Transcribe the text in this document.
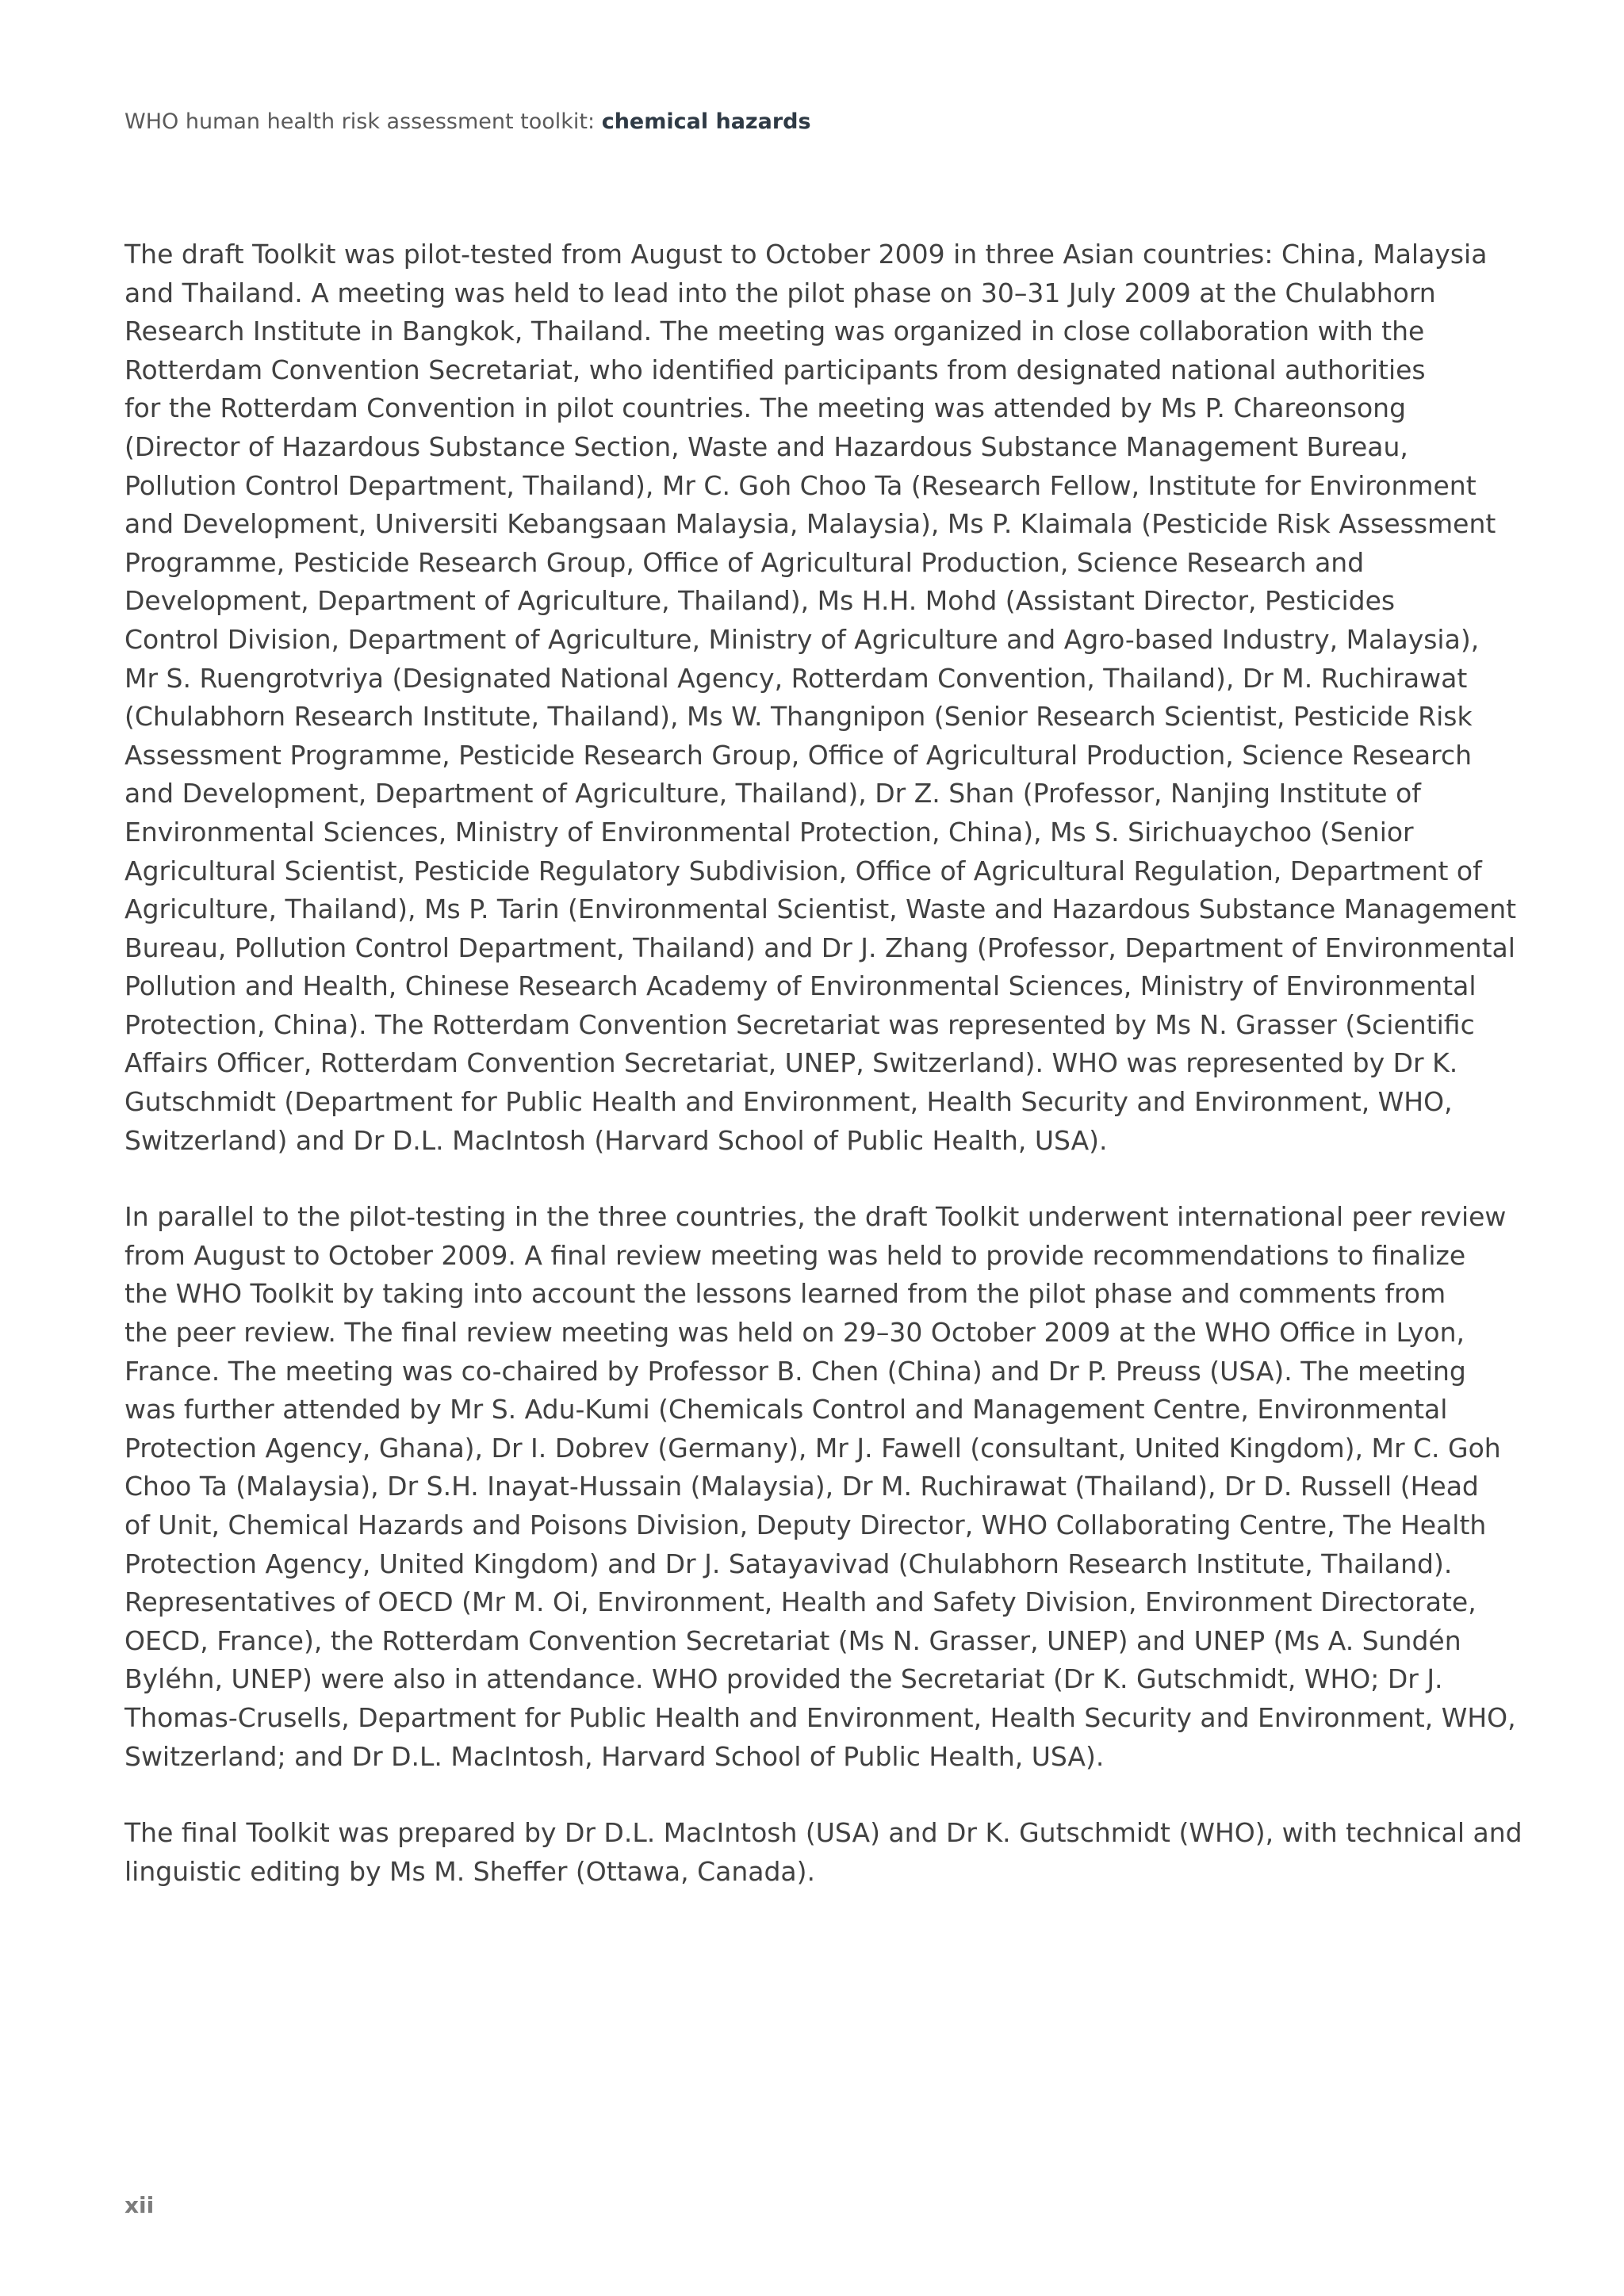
WHO human health risk assessment toolkit: chemical hazards

The draft Toolkit was pilot-tested from August to October 2009 in three Asian countries: China, Malaysia
and Thailand. A meeting was held to lead into the pilot phase on 30–31 July 2009 at the Chulabhorn
Research Institute in Bangkok, Thailand. The meeting was organized in close collaboration with the
Rotterdam Convention Secretariat, who identified participants from designated national authorities
for the Rotterdam Convention in pilot countries. The meeting was attended by Ms P. Chareonsong
(Director of Hazardous Substance Section, Waste and Hazardous Substance Management Bureau,
Pollution Control Department, Thailand), Mr C. Goh Choo Ta (Research Fellow, Institute for Environment
and Development, Universiti Kebangsaan Malaysia, Malaysia), Ms P. Klaimala (Pesticide Risk Assessment
Programme, Pesticide Research Group, Office of Agricultural Production, Science Research and
Development, Department of Agriculture, Thailand), Ms H.H. Mohd (Assistant Director, Pesticides
Control Division, Department of Agriculture, Ministry of Agriculture and Agro-based Industry, Malaysia),
Mr S. Ruengrotvriya (Designated National Agency, Rotterdam Convention, Thailand), Dr M. Ruchirawat
(Chulabhorn Research Institute, Thailand), Ms W. Thangnipon (Senior Research Scientist, Pesticide Risk
Assessment Programme, Pesticide Research Group, Office of Agricultural Production, Science Research
and Development, Department of Agriculture, Thailand), Dr Z. Shan (Professor, Nanjing Institute of
Environmental Sciences, Ministry of Environmental Protection, China), Ms S. Sirichuaychoo (Senior
Agricultural Scientist, Pesticide Regulatory Subdivision, Office of Agricultural Regulation, Department of
Agriculture, Thailand), Ms P. Tarin (Environmental Scientist, Waste and Hazardous Substance Management
Bureau, Pollution Control Department, Thailand) and Dr J. Zhang (Professor, Department of Environmental
Pollution and Health, Chinese Research Academy of Environmental Sciences, Ministry of Environmental
Protection, China). The Rotterdam Convention Secretariat was represented by Ms N. Grasser (Scientific
Affairs Officer, Rotterdam Convention Secretariat, UNEP, Switzerland). WHO was represented by Dr K.
Gutschmidt (Department for Public Health and Environment, Health Security and Environment, WHO,
Switzerland) and Dr D.L. MacIntosh (Harvard School of Public Health, USA).

In parallel to the pilot-testing in the three countries, the draft Toolkit underwent international peer review
from August to October 2009. A final review meeting was held to provide recommendations to finalize
the WHO Toolkit by taking into account the lessons learned from the pilot phase and comments from
the peer review. The final review meeting was held on 29–30 October 2009 at the WHO Office in Lyon,
France. The meeting was co-chaired by Professor B. Chen (China) and Dr P. Preuss (USA). The meeting
was further attended by Mr S. Adu-Kumi (Chemicals Control and Management Centre, Environmental
Protection Agency, Ghana), Dr I. Dobrev (Germany), Mr J. Fawell (consultant, United Kingdom), Mr C. Goh
Choo Ta (Malaysia), Dr S.H. Inayat-Hussain (Malaysia), Dr M. Ruchirawat (Thailand), Dr D. Russell (Head
of Unit, Chemical Hazards and Poisons Division, Deputy Director, WHO Collaborating Centre, The Health
Protection Agency, United Kingdom) and Dr J. Satayavivad (Chulabhorn Research Institute, Thailand).
Representatives of OECD (Mr M. Oi, Environment, Health and Safety Division, Environment Directorate,
OECD, France), the Rotterdam Convention Secretariat (Ms N. Grasser, UNEP) and UNEP (Ms A. Sundén
Byléhn, UNEP) were also in attendance. WHO provided the Secretariat (Dr K. Gutschmidt, WHO; Dr J.
Thomas-Crusells, Department for Public Health and Environment, Health Security and Environment, WHO,
Switzerland; and Dr D.L. MacIntosh, Harvard School of Public Health, USA).

The final Toolkit was prepared by Dr D.L. MacIntosh (USA) and Dr K. Gutschmidt (WHO), with technical and
linguistic editing by Ms M. Sheffer (Ottawa, Canada).

xii
